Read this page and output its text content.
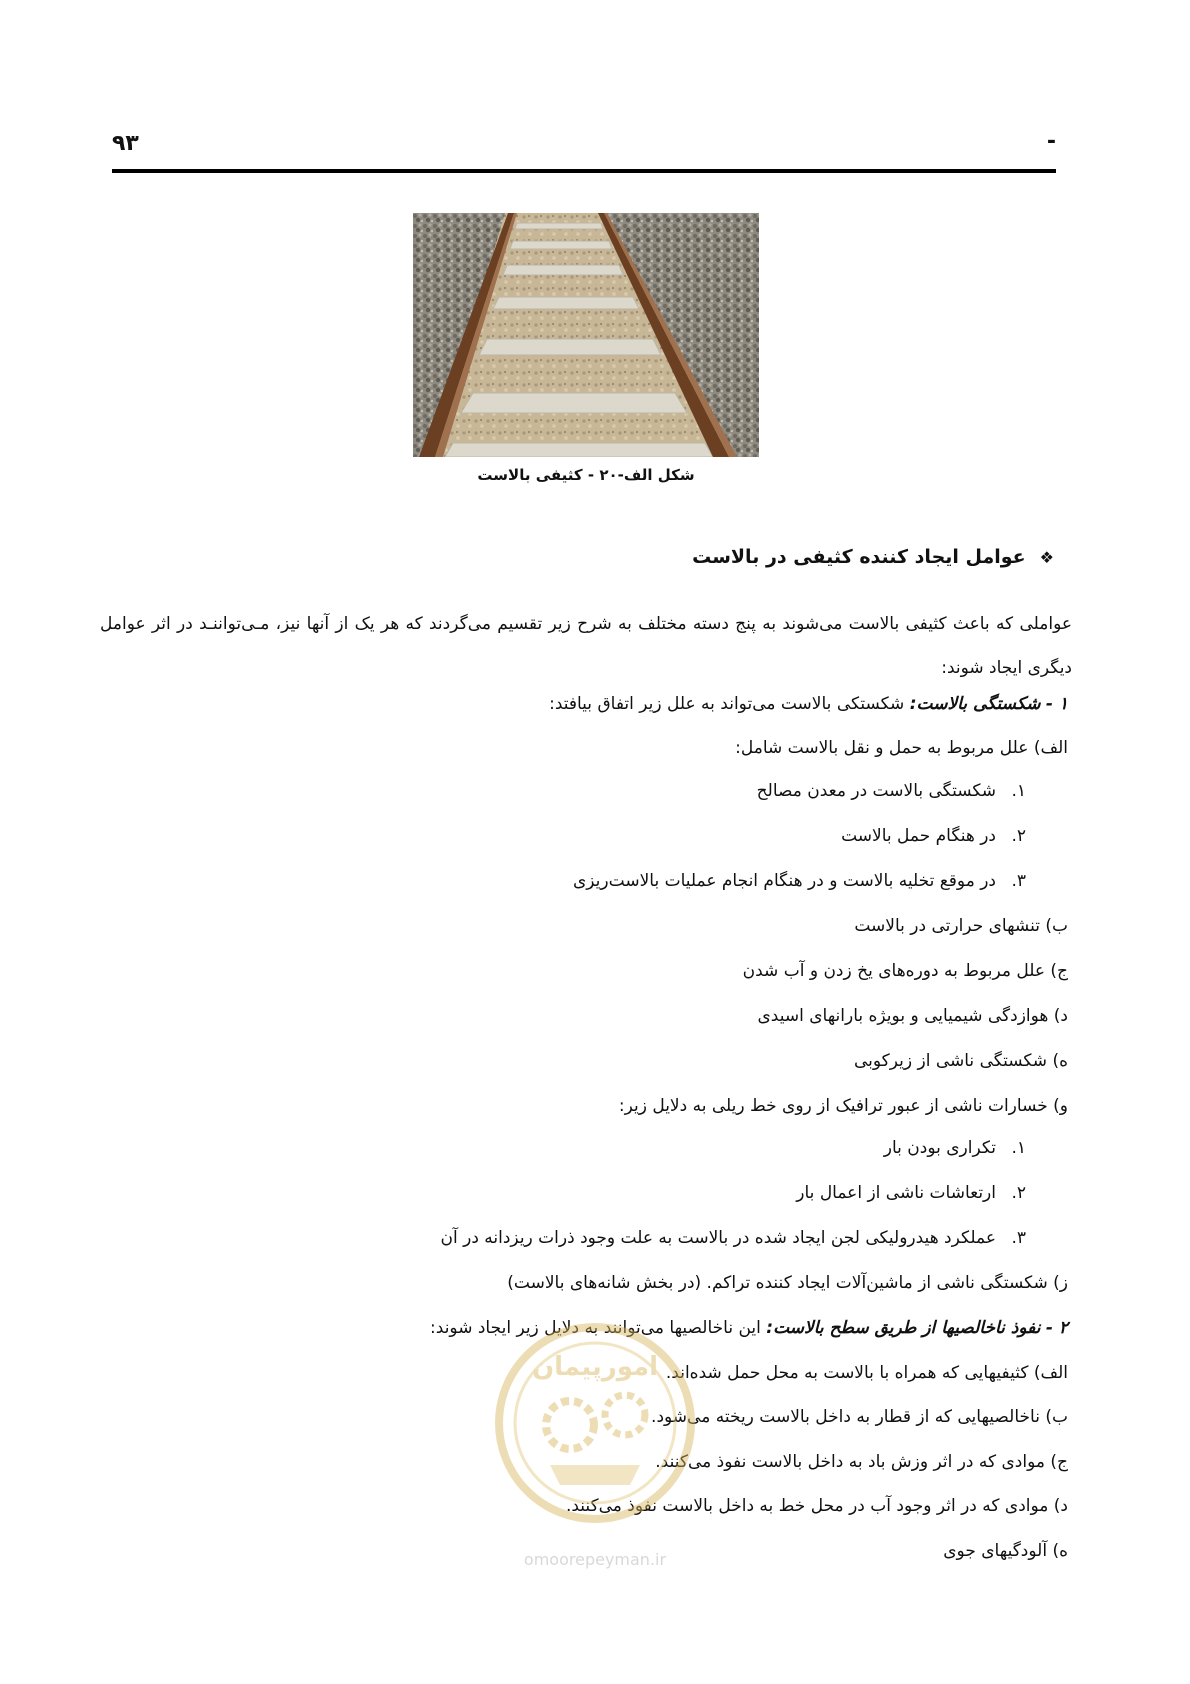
۹۳	-
شکل الف-۲۰ - کثیفی بالاست
❖عوامل ایجاد کننده کثیفی در بالاست
عواملی که باعث کثیفی بالاست می‌شوند به پنج دسته مختلف به شرح زیر تقسیم می‌گردند که هر یک از آنها نیز، مـی‌تواننـد در اثر عوامل دیگری ایجاد شوند:
۱ - شکستگی بالاست: شکستکی بالاست می‌تواند به علل زیر اتفاق بیافتد:
الف) علل مربوط به حمل و نقل بالاست شامل:
۱.شکستگی بالاست در معدن مصالح
۲.در هنگام حمل بالاست
۳.در موقع تخلیه بالاست و در هنگام انجام عملیات بالاست‌ریزی
ب) تنشهای حرارتی در بالاست
ج) علل مربوط به دوره‌های یخ زدن و آب شدن
د) هوازدگی شیمیایی و بویژه بارانهای اسیدی
ه) شکستگی ناشی از زیرکوبی
و) خسارات ناشی از عبور ترافیک از روی خط ریلی به دلایل زیر:
۱.تکراری بودن بار
۲.ارتعاشات ناشی از اعمال بار
۳.عملکرد هیدرولیکی لجن ایجاد شده در بالاست به علت وجود ذرات ریزدانه در آن
ز) شکستگی ناشی از ماشین‌آلات ایجاد کننده تراکم. (در بخش شانه‌های بالاست)
۲ - نفوذ ناخالصیها از طریق سطح بالاست: این ناخالصیها می‌توانند به دلایل زیر ایجاد شوند:
الف) کثیفیهایی که همراه با بالاست به محل حمل شده‌اند.
ب) ناخالصیهایی که از قطار به داخل بالاست ریخته می‌شود.
ج) موادی که در اثر وزش باد به داخل بالاست نفوذ می‌کنند.
د) موادی که در اثر وجود آب در محل خط به داخل بالاست نفوذ می‌کنند.
ه) آلودگیهای جوی
امورپیمان
omoorepeyman.ir
